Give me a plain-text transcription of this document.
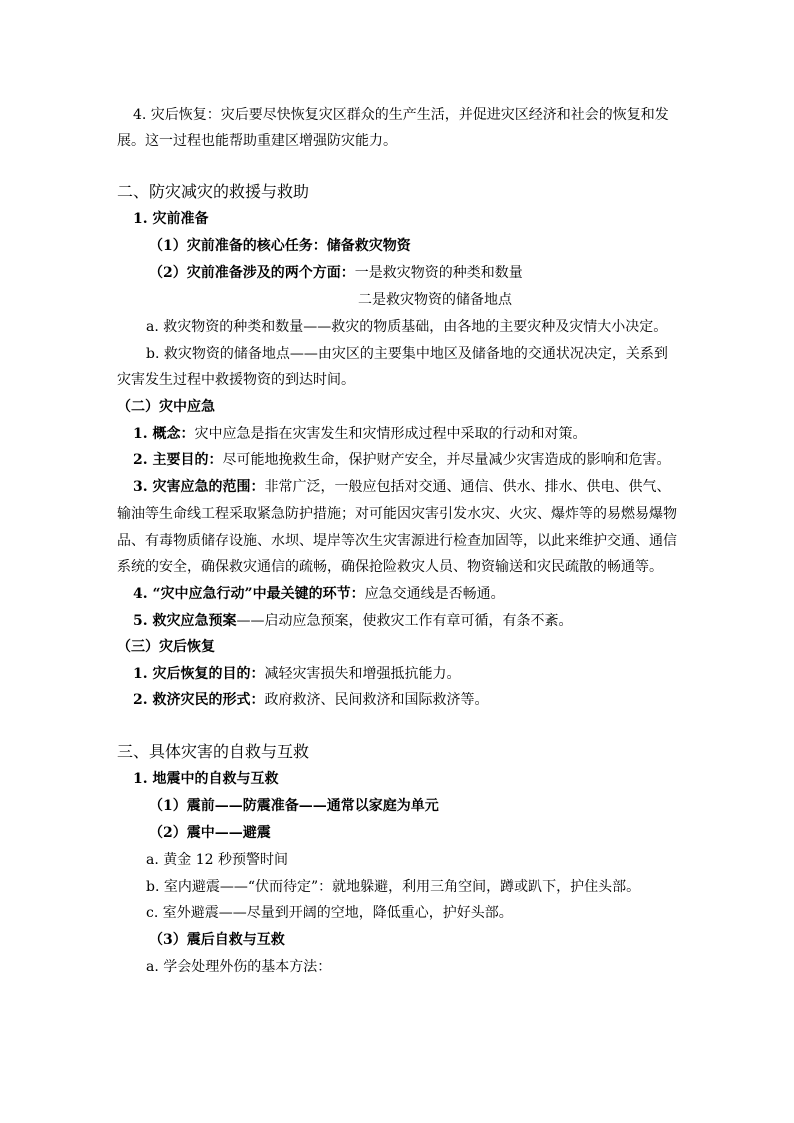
4. 灾后恢复：灾后要尽快恢复灾区群众的生产生活，并促进灾区经济和社会的恢复和发
展。这一过程也能帮助重建区增强防灾能力。
二、防灾减灾的救援与救助
1. 灾前准备
（1）灾前准备的核心任务：储备救灾物资
（2）灾前准备涉及的两个方面：一是救灾物资的种类和数量
二是救灾物资的储备地点
a. 救灾物资的种类和数量——救灾的物质基础，由各地的主要灾种及灾情大小决定。
b. 救灾物资的储备地点——由灾区的主要集中地区及储备地的交通状况决定，关系到
灾害发生过程中救援物资的到达时间。
（二）灾中应急
1. 概念：灾中应急是指在灾害发生和灾情形成过程中采取的行动和对策。
2. 主要目的：尽可能地挽救生命，保护财产安全，并尽量减少灾害造成的影响和危害。
3. 灾害应急的范围：非常广泛，一般应包括对交通、通信、供水、排水、供电、供气、
输油等生命线工程采取紧急防护措施；对可能因灾害引发水灾、火灾、爆炸等的易燃易爆物
品、有毒物质储存设施、水坝、堤岸等次生灾害源进行检查加固等，以此来维护交通、通信
系统的安全，确保救灾通信的疏畅，确保抢险救灾人员、物资输送和灾民疏散的畅通等。
4. “灾中应急行动”中最关键的环节：应急交通线是否畅通。
5. 救灾应急预案——启动应急预案，使救灾工作有章可循，有条不紊。
（三）灾后恢复
1. 灾后恢复的目的：减轻灾害损失和增强抵抗能力。
2. 救济灾民的形式：政府救济、民间救济和国际救济等。
三、具体灾害的自救与互救
1. 地震中的自救与互救
（1）震前——防震准备——通常以家庭为单元
（2）震中——避震
a. 黄金 12 秒预警时间
b. 室内避震——“伏而待定”：就地躲避，利用三角空间，蹲或趴下，护住头部。
c. 室外避震——尽量到开阔的空地，降低重心，护好头部。
（3）震后自救与互救
a. 学会处理外伤的基本方法：
